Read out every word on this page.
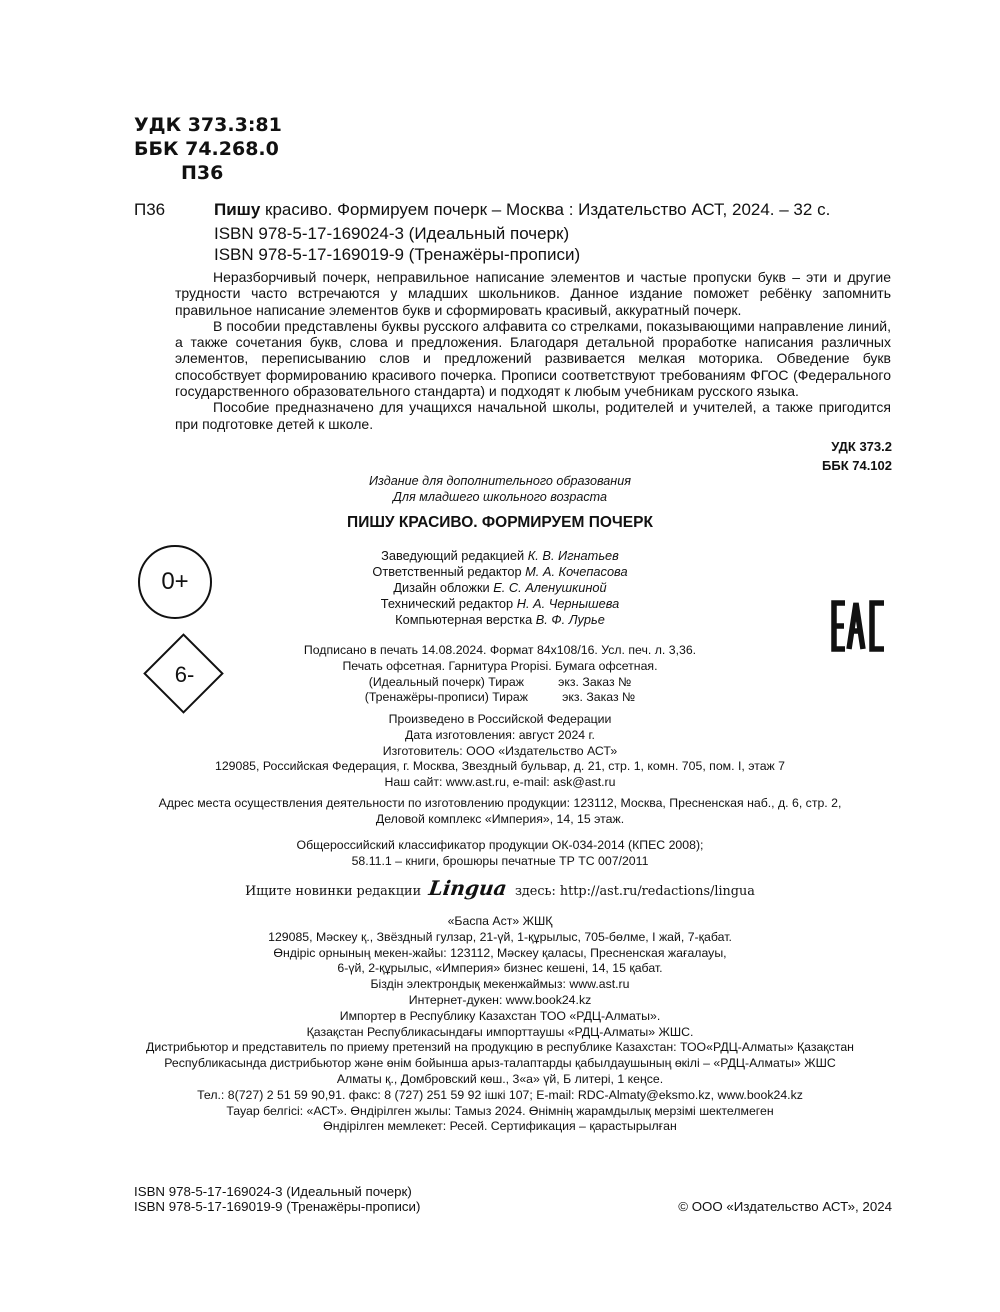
УДК 373.3:81
ББК 74.268.0
П36
П36	Пишу красиво. Формируем почерк – Москва : Издательство АСТ, 2024. – 32 с.
ISBN 978-5-17-169024-3 (Идеальный почерк)
ISBN 978-5-17-169019-9 (Тренажёры-прописи)

Неразборчивый почерк, неправильное написание элементов и частые пропуски букв – эти и другие трудности часто встречаются у младших школьников. Данное издание поможет ребёнку запомнить правильное написание элементов букв и сформировать красивый, аккуратный почерк.

В пособии представлены буквы русского алфавита со стрелками, показывающими направление линий, а также сочетания букв, слова и предложения. Благодаря детальной проработке написания различных элементов, переписыванию слов и предложений развивается мелкая моторика. Обведение букв способствует формированию красивого почерка. Прописи соответствуют требованиям ФГОС (Федерального государственного образовательного стандарта) и подходят к любым учебникам русского языка.

Пособие предназначено для учащихся начальной школы, родителей и учителей, а также пригодится при подготовке детей к школе.

УДК 373.2
ББК 74.102
Издание для дополнительного образования
Для младшего школьного возраста
ПИШУ КРАСИВО. ФОРМИРУЕМ ПОЧЕРК
0+
6-
Заведующий редакцией К. В. Игнатьев
Ответственный редактор М. А. Кочепасова
Дизайн обложки Е. С. Аленушкиной
Технический редактор Н. А. Чернышева
Компьютерная верстка В. Ф. Лурье
Подписано в печать 14.08.2024. Формат 84х108/16. Усл. печ. л. 3,36.
Печать офсетная. Гарнитура Propisi. Бумага офсетная.
(Идеальный почерк) Тираж          экз. Заказ №
(Тренажёры-прописи) Тираж          экз. Заказ №
Произведено в Российской Федерации
Дата изготовления: август 2024 г.
Изготовитель: ООО «Издательство АСТ»
129085, Российская Федерация, г. Москва, Звездный бульвар, д. 21, стр. 1, комн. 705, пом. I, этаж 7
Наш сайт: www.ast.ru, e-mail: ask@ast.ru
Адрес места осуществления деятельности по изготовлению продукции: 123112, Москва, Пресненская наб., д. 6, стр. 2,
Деловой комплекс «Империя», 14, 15 этаж.
Общероссийский классификатор продукции ОК-034-2014 (КПЕС 2008);
58.11.1 – книги, брошюры печатные ТР ТС 007/2011
Ищите новинки редакции Lingua здесь: http://ast.ru/redactions/lingua
«Баспа Аст» ЖШҚ
129085, Мәскеу қ., Звёздный гулзар, 21-үй, 1-құрылыс, 705-бөлме, I жай, 7-қабат.
Өндіріс орнының мекен-жайы: 123112, Мәскеу қаласы, Пресненская жағалауы,
6-үй, 2-құрылыс, «Империя» бизнес кешені, 14, 15 қабат.
Біздін электрондық мекенжаймыз: www.ast.ru
Интернет-дукен: www.book24.kz
Импортер в Республику Казахстан ТОО «РДЦ-Алматы».
Қазақстан Республикасындағы импорттаушы «РДЦ-Алматы» ЖШС.
Дистрибьютор и представитель по приему претензий на продукцию в республике Казахстан: ТОО«РДЦ-Алматы» Қазақстан
Республикасында дистрибьютор және өнім бойынша арыз-талаптарды қабылдаушының өкілі – «РДЦ-Алматы» ЖШС
Алматы қ., Домбровский көш., 3«а» үй, Б литері, 1 кеңсе.
Тел.: 8(727) 2 51 59 90,91. факс: 8 (727) 251 59 92 ішкі 107; E-mail: RDC-Almaty@eksmo.kz, www.book24.kz
Тауар белгісі: «АСТ». Өндірілген жылы: Тамыз 2024. Өнімнің жарамдылық мерзімі шектелмеген
Өндірілген мемлекет: Ресей. Сертификация – қарастырылған
ISBN 978-5-17-169024-3 (Идеальный почерк)
ISBN 978-5-17-169019-9 (Тренажёры-прописи)	© ООО «Издательство АСТ», 2024
